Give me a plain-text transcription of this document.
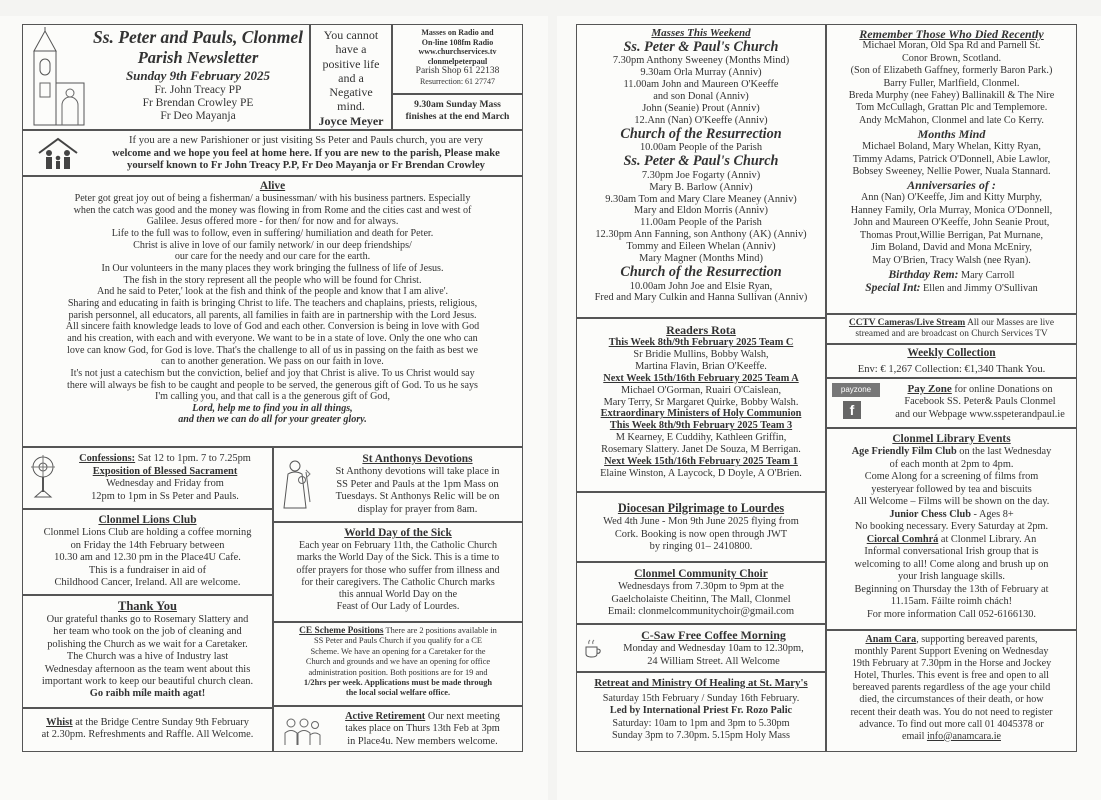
Ss. Peter and Pauls, Clonmel
Parish Newsletter
Sunday 9th February 2025
Fr. John Treacy PP
Fr Brendan Crowley PE
Fr Deo Mayanja
You cannot
have a
positive life
and a
Negative
mind.
Joyce Meyer
Masses on Radio and
On-line 108fm Radio
www.churchservices.tv
clonmelpeterpaul
Parish Shop 61 22138
Resurrection: 61 27747
9.30am Sunday Mass
finishes at the end March
If you are a new Parishioner or just visiting Ss Peter and Pauls church, you are very
welcome and we hope you feel at home here. If you are new to the parish, Please make
yourself known to Fr John Treacy P.P, Fr Deo Mayanja or Fr Brendan Crowley
Alive
Peter got great joy out of being a fisherman/ a businessman/ with his business partners. Especially
when the catch was good and the money was flowing in from Rome and the cities cast and west of
Galilee. Jesus offered more - for then/ for now and for always.
Life to the full was to follow, even in suffering/ humiliation and death for Peter.
Christ is alive in love of our family network/ in our deep friendships/
our care for the needy and our care for the earth.
In Our volunteers in the many places they work bringing the fullness of life of Jesus.
The fish in the story represent all the people who will be found for Christ.
And he said to Peter,' look at the fish and think of the people and know that I am alive'.
Sharing and educating in faith is bringing Christ to life. The teachers and chaplains, priests, religious,
parish personnel, all educators, all parents, all families in faith are in partnership with the Lord Jesus.
All sincere faith knowledge leads to love of God and each other. Conversion is being in love with God
and his creation, with each and with everyone. We want to be in a state of love. Only the one who can
love can know God, for God is love. That's the challenge to all of us in passing on the faith as best we
can to another generation. We pass on our faith in love.
It's not just a catechism but the conviction, belief and joy that Christ is alive. To us Christ would say
there will always be fish to be caught and people to be served, the generous gift of God. To us he says
I'm calling you, and that call is a the generous gift of God,
Lord, help me to find you in all things,
and then we can do all for your greater glory.
Confessions: Sat 12 to 1pm. 7 to 7.25pm
Exposition of Blessed Sacrament
Wednesday and Friday from
12pm to 1pm in Ss Peter and Pauls.
Clonmel Lions Club
Clonmel Lions Club are holding a coffee morning
on Friday the 14th February between
10.30 am and 12.30 pm in the Place4U Cafe.
This is a fundraiser in aid of
Childhood Cancer, Ireland. All are welcome.
Thank You
Our grateful thanks go to Rosemary Slattery and
her team who took on the job of cleaning and
polishing the Church as we wait for a Caretaker.
The Church was a hive of Industry last
Wednesday afternoon as the team went about this
important work to keep our beautiful church clean.
Go raibh míle maith agat!
Whist at the Bridge Centre Sunday 9th February
at 2.30pm. Refreshments and Raffle. All Welcome.
St Anthonys Devotions
St Anthony devotions will take place in
SS Peter and Pauls at the 1pm Mass on
Tuesdays. St Anthonys Relic will be on
display for prayer from 8am.
World Day of the Sick
Each year on February 11th, the Catholic Church
marks the World Day of the Sick. This is a time to
offer prayers for those who suffer from illness and
for their caregivers. The Catholic Church marks
this annual World Day on the
Feast of Our Lady of Lourdes.
CE Scheme Positions There are 2 positions available in
SS Peter and Pauls Church if you qualify for a CE
Scheme. We have an opening for a Caretaker for the
Church and grounds and we have an opening for office
administration position. Both positions are for 19 and
1/2hrs per week. Applications must be made through
the local social welfare office.
Active Retirement Our next meeting
takes place on Thurs 13th Feb at 3pm
in Place4u. New members welcome.
Masses This Weekend
Ss. Peter & Paul's Church
7.30pm Anthony Sweeney (Months Mind)
9.30am Orla Murray (Anniv)
11.00am John and Maureen O'Keeffe
and son Donal (Anniv)
John (Seanie) Prout (Anniv)
12.Ann (Nan) O'Keeffe (Anniv)
Church of the Resurrection
10.00am People of the Parish
Ss. Peter & Paul's Church
7.30pm Joe Fogarty (Anniv)
Mary B. Barlow (Anniv)
9.30am Tom and Mary Clare Meaney (Anniv)
Mary and Eldon Morris (Anniv)
11.00am People of the Parish
12.30pm Ann Fanning, son Anthony (AK) (Anniv)
Tommy and Eileen Whelan (Anniv)
Mary Magner (Months Mind)
Church of the Resurrection
10.00am John Joe and Elsie Ryan,
Fred and Mary Culkin and Hanna Sullivan (Anniv)
Readers Rota
This Week 8th/9th February 2025 Team C
Sr Bridie Mullins, Bobby Walsh,
Martina Flavin, Brian O'Keeffe.
Next Week 15th/16th February 2025 Team A
Michael O'Gorman, Ruairi O'Caislean,
Mary Terry, Sr Margaret Quirke, Bobby Walsh.
Extraordinary Ministers of Holy Communion
This Week 8th/9th February 2025 Team 3
M Kearney, E Cuddihy, Kathleen Griffin,
Rosemary Slattery. Janet De Souza, M Berrigan.
Next Week 15th/16th February 2025 Team 1
Elaine Winston, A Laycock, D Doyle, A O'Brien.
Diocesan Pilgrimage to Lourdes
Wed 4th June - Mon 9th June 2025 flying from
Cork. Booking is now open through JWT
by ringing 01– 2410800.
Clonmel Community Choir
Wednesdays from 7.30pm to 9pm at the
Gaelcholaiste Cheitinn, The Mall, Clonmel
Email: clonmelcommunitychoir@gmail.com
C-Saw Free Coffee Morning
Monday and Wednesday 10am to 12.30pm,
24 William Street. All Welcome
Retreat and Ministry Of Healing at St. Mary's
Saturday 15th February / Sunday 16th February.
Led by International Priest Fr. Rozo Palic
Saturday: 10am to 1pm and 3pm to 5.30pm
Sunday 3pm to 7.30pm. 5.15pm Holy Mass
Remember Those Who Died Recently
Michael Moran, Old Spa Rd and Parnell St.
Conor Brown, Scotland.
(Son of Elizabeth Gaffney, formerly Baron Park.)
Barry Fuller, Marlfield, Clonmel.
Breda Murphy (nee Fahey) Ballinakill & The Nire
Tom McCullagh, Grattan Plc and Templemore.
Andy McMahon, Clonmel and late Co Kerry.
Months Mind
Michael Boland, Mary Whelan, Kitty Ryan,
Timmy Adams, Patrick O'Donnell, Abie Lawlor,
Bobsey Sweeney, Nellie Power, Nuala Stannard.
Anniversaries of :
Ann (Nan) O'Keeffe, Jim and Kitty Murphy,
Hanney Family, Orla Murray, Monica O'Donnell,
John and Maureen O'Keeffe, John Seanie Prout,
Thomas Prout,Willie Berrigan, Pat Murnane,
Jim Boland, David and Mona McEniry,
May O'Brien, Tracy Walsh (nee Ryan).
Birthday Rem: Mary Carroll
Special Int: Ellen and Jimmy O'Sullivan
CCTV Cameras/Live Stream All our Masses are live
streamed and are broadcast on Church Services TV
Weekly Collection
Env: € 1,267 Collection: €1,340 Thank You.
payzone
f
Pay Zone for online Donations on
Facebook SS. Peter& Pauls Clonmel
and our Webpage www.sspeterandpaul.ie
Clonmel Library Events
Age Friendly Film Club on the last Wednesday
of each month at 2pm to 4pm.
Come Along for a screening of films from
yesteryear followed by tea and biscuits
All Welcome – Films will be shown on the day.
Junior Chess Club - Ages 8+
No booking necessary. Every Saturday at 2pm.
Ciorcal Comhrá at Clonmel Library. An
Informal conversational Irish group that is
welcoming to all! Come along and brush up on
your Irish language skills.
Beginning on Thursday the 13th of February at
11.15am. Fáilte roimh chách!
For more information Call 052-6166130.
Anam Cara, supporting bereaved parents,
monthly Parent Support Evening on Wednesday
19th February at 7.30pm in the Horse and Jockey
Hotel, Thurles. This event is free and open to all
bereaved parents regardless of the age your child
died, the circumstances of their death, or how
recent their death was. You do not need to register
advance. To find out more call 01 4045378 or
email info@anamcara.ie
